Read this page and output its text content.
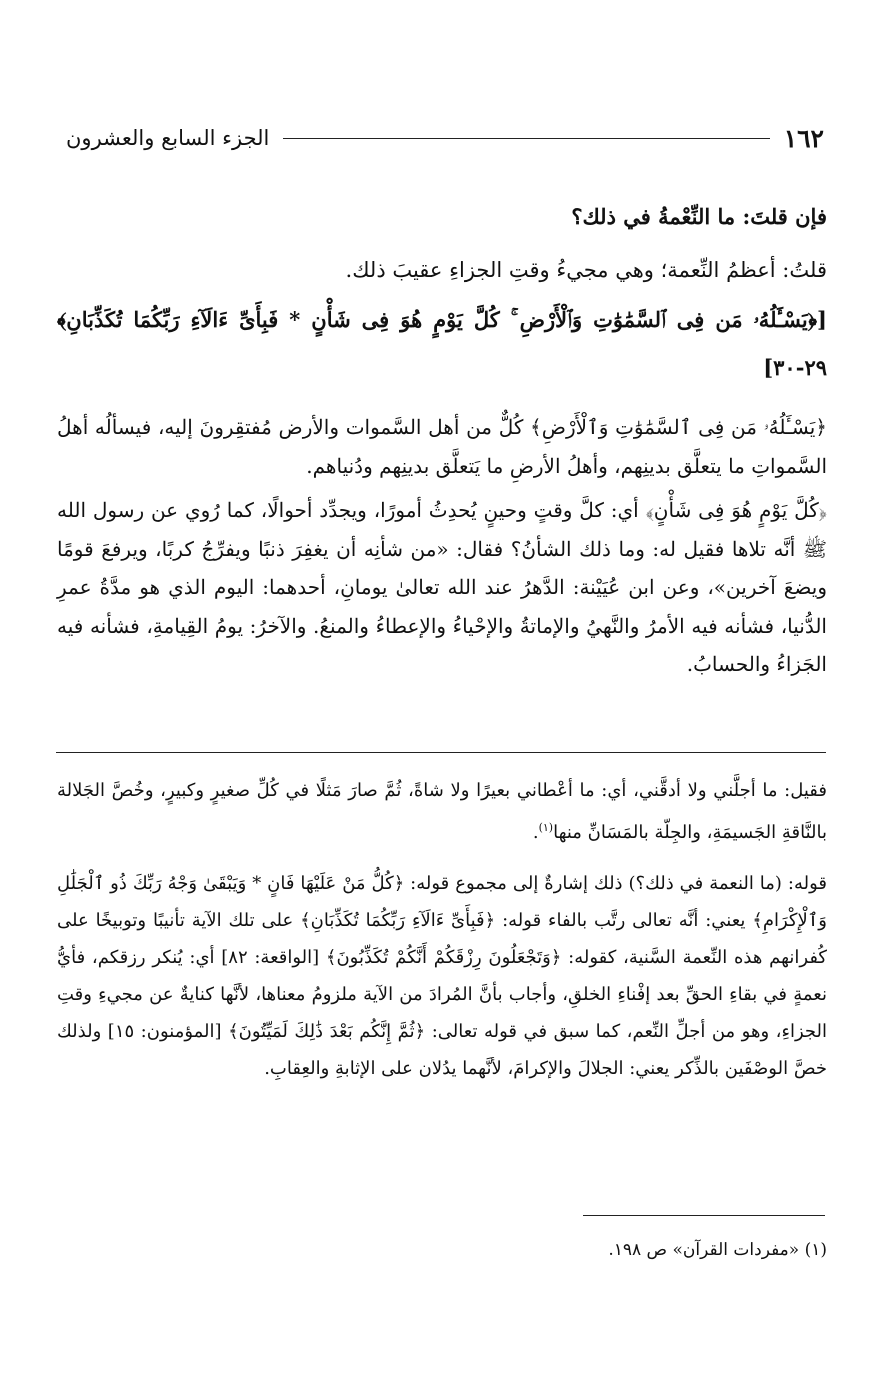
١٦٢
الجزء السابع والعشرون

فإن قلتَ: ما النِّعْمةُ في ذلك؟

قلتُ: أعظمُ النِّعمة؛ وهي مجيءُ وقتِ الجزاءِ عقيبَ ذلك.

[﴿يَسْـَٔلُهُۥ مَن فِى ٱلسَّمَٰوَٰتِ وَٱلْأَرْضِ ۚ كُلَّ يَوْمٍ هُوَ فِى شَأْنٍ * فَبِأَىِّ ءَالَآءِ رَبِّكُمَا تُكَذِّبَانِ﴾ ٢٩-٣٠]

﴿يَسْـَٔلُهُۥ مَن فِى ٱلسَّمَٰوَٰتِ وَٱلْأَرْضِ﴾ كُلٌّ من أهل السَّموات والأرض مُفتقِرونَ إليه، فيسألُه أهلُ السَّمواتِ ما يتعلَّق بدينِهم، وأهلُ الأرضِ ما يَتعلَّق بدينِهم ودُنياهم.

﴿كُلَّ يَوْمٍ هُوَ فِى شَأْنٍ﴾ أي: كلَّ وقتٍ وحينٍ يُحدِثُ أمورًا، ويجدِّد أحوالًا، كما رُوي عن رسول الله ﷺ أنَّه تلاها فقيل له: وما ذلك الشأنُ؟ فقال: «من شأنِه أن يغفِرَ ذنبًا ويفرِّجُ كربًا، ويرفعَ قومًا ويضعَ آخرين»، وعن ابن عُيَيْنة: الدَّهرُ عند الله تعالىٰ يومانِ، أحدهما: اليوم الذي هو مدَّةُ عمرِ الدُّنيا، فشأنه فيه الأمرُ والنَّهيُ والإماتةُ والإحْياءُ والإعطاءُ والمنعُ. والآخرُ: يومُ القِيامةِ، فشأنه فيه الجَزاءُ والحسابُ.

فقيل: ما أجلَّني ولا أدقَّني، أي: ما أعْطاني بعيرًا ولا شاةً، ثُمَّ صارَ مَثلًا في كُلِّ صغيرٍ وكبيرٍ، وخُصَّ الجَلالة بالنَّاقةِ الجَسيمَةِ، والجِلّة بالمَسَانِّ منها$^{(١)}$.

قوله: (ما النعمة في ذلك؟) ذلك إشارةٌ إلى مجموع قوله: ﴿كُلُّ مَنْ عَلَيْهَا فَانٍ * وَيَبْقَىٰ وَجْهُ رَبِّكَ ذُو ٱلْجَلَٰلِ وَٱلْإِكْرَامِ﴾ يعني: أنَّه تعالى رتَّب بالفاء قوله: ﴿فَبِأَىِّ ءَالَآءِ رَبِّكُمَا تُكَذِّبَانِ﴾ على تلك الآية تأنيبًا وتوبيخًا على كُفرانهم هذه النِّعمة السَّنية، كقوله: ﴿وَتَجْعَلُونَ رِزْقَكُمْ أَنَّكُمْ تُكَذِّبُونَ﴾ [الواقعة: ٨٢] أي: يُنكر رزقكم، فأيُّ نعمةٍ في بقاءِ الحقِّ بعد إفْناءِ الخلقِ، وأجاب بأنَّ المُرادَ من الآية ملزومُ معناها، لأنَّها كنايةٌ عن مجيءِ وقتِ الجزاءِ، وهو من أجلِّ النِّعم، كما سبق في قوله تعالى: ﴿ثُمَّ إِنَّكُم بَعْدَ ذَٰلِكَ لَمَيِّتُونَ﴾ [المؤمنون: ١٥] ولذلك خصَّ الوصْفَين بالذِّكر يعني: الجلالَ والإكرامَ، لأنَّهما يدُلان على الإثابةِ والعِقابِ.

(١) «مفردات القرآن» ص ١٩٨.
